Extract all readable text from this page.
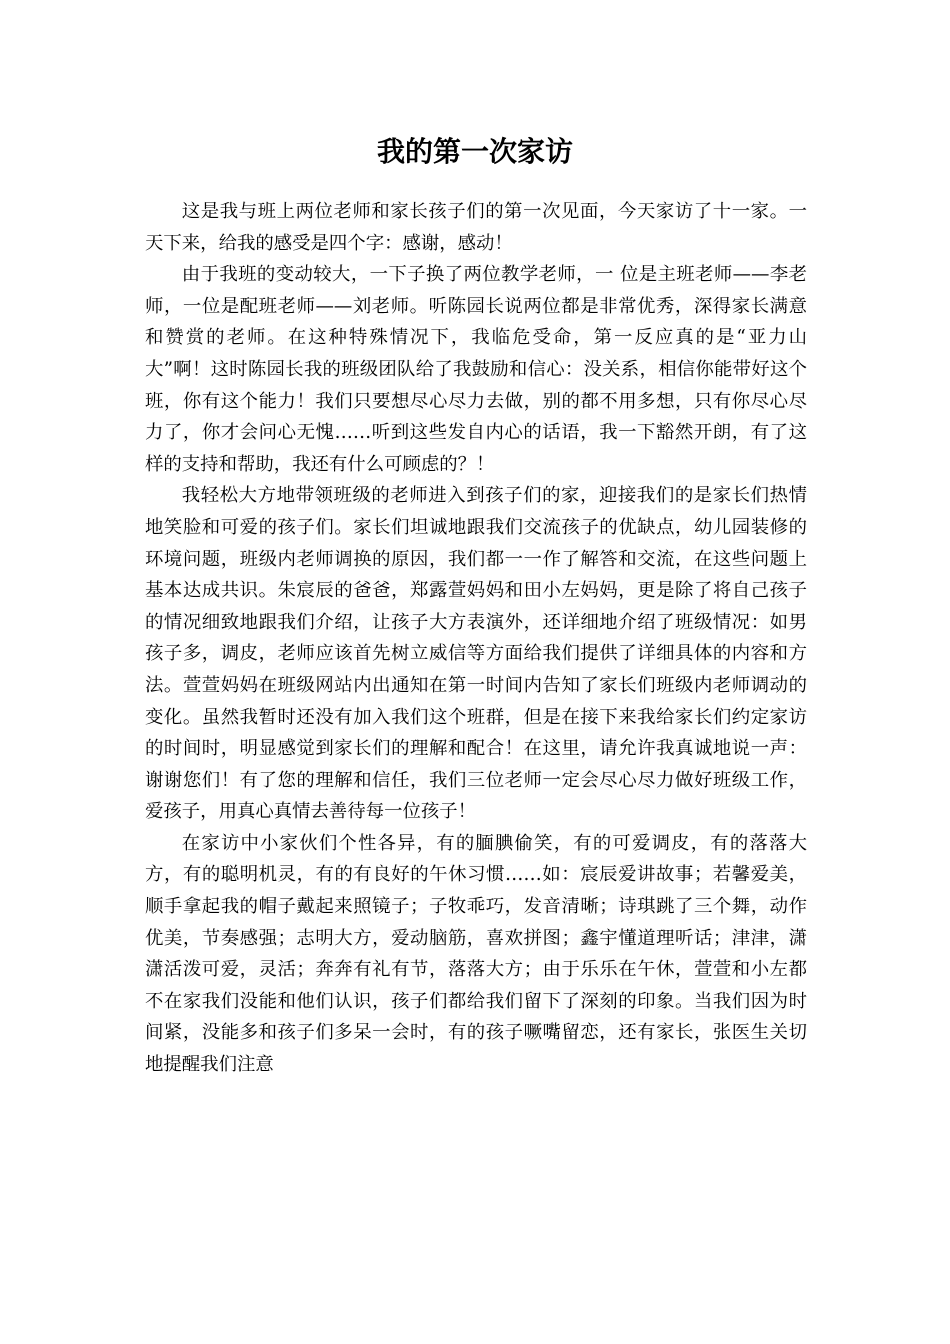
我的第一次家访

这是我与班上两位老师和家长孩子们的第一次见面，今天家访了十一家。一天下来，给我的感受是四个字：感谢，感动！

由于我班的变动较大，一下子换了两位教学老师，一 位是主班老师——李老师，一位是配班老师——刘老师。听陈园长说两位都是非常优秀，深得家长满意和赞赏的老师。在这种特殊情况下，我临危受命，第一反应真的是“亚力山大”啊！这时陈园长我的班级团队给了我鼓励和信心：没关系，相信你能带好这个班，你有这个能力！我们只要想尽心尽力去做，别的都不用多想，只有你尽心尽力了，你才会问心无愧……听到这些发自内心的话语，我一下豁然开朗，有了这样的支持和帮助，我还有什么可顾虑的？！

我轻松大方地带领班级的老师进入到孩子们的家，迎接我们的是家长们热情地笑脸和可爱的孩子们。家长们坦诚地跟我们交流孩子的优缺点，幼儿园装修的环境问题，班级内老师调换的原因，我们都一一作了解答和交流，在这些问题上基本达成共识。朱宸辰的爸爸，郑露萱妈妈和田小左妈妈，更是除了将自己孩子的情况细致地跟我们介绍，让孩子大方表演外，还详细地介绍了班级情况：如男孩子多，调皮，老师应该首先树立威信等方面给我们提供了详细具体的内容和方法。萱萱妈妈在班级网站内出通知在第一时间内告知了家长们班级内老师调动的变化。虽然我暂时还没有加入我们这个班群，但是在接下来我给家长们约定家访的时间时，明显感觉到家长们的理解和配合！在这里，请允许我真诚地说一声：谢谢您们！有了您的理解和信任，我们三位老师一定会尽心尽力做好班级工作，爱孩子，用真心真情去善待每一位孩子！

在家访中小家伙们个性各异，有的腼腆偷笑，有的可爱调皮，有的落落大方，有的聪明机灵，有的有良好的午休习惯……如：宸辰爱讲故事；若馨爱美，顺手拿起我的帽子戴起来照镜子；子牧乖巧，发音清晰；诗琪跳了三个舞，动作优美，节奏感强；志明大方，爱动脑筋，喜欢拼图；鑫宇懂道理听话；津津，潇潇活泼可爱，灵活；奔奔有礼有节，落落大方；由于乐乐在午休，萱萱和小左都不在家我们没能和他们认识，孩子们都给我们留下了深刻的印象。当我们因为时间紧，没能多和孩子们多呆一会时，有的孩子噘嘴留恋，还有家长，张医生关切地提醒我们注意
